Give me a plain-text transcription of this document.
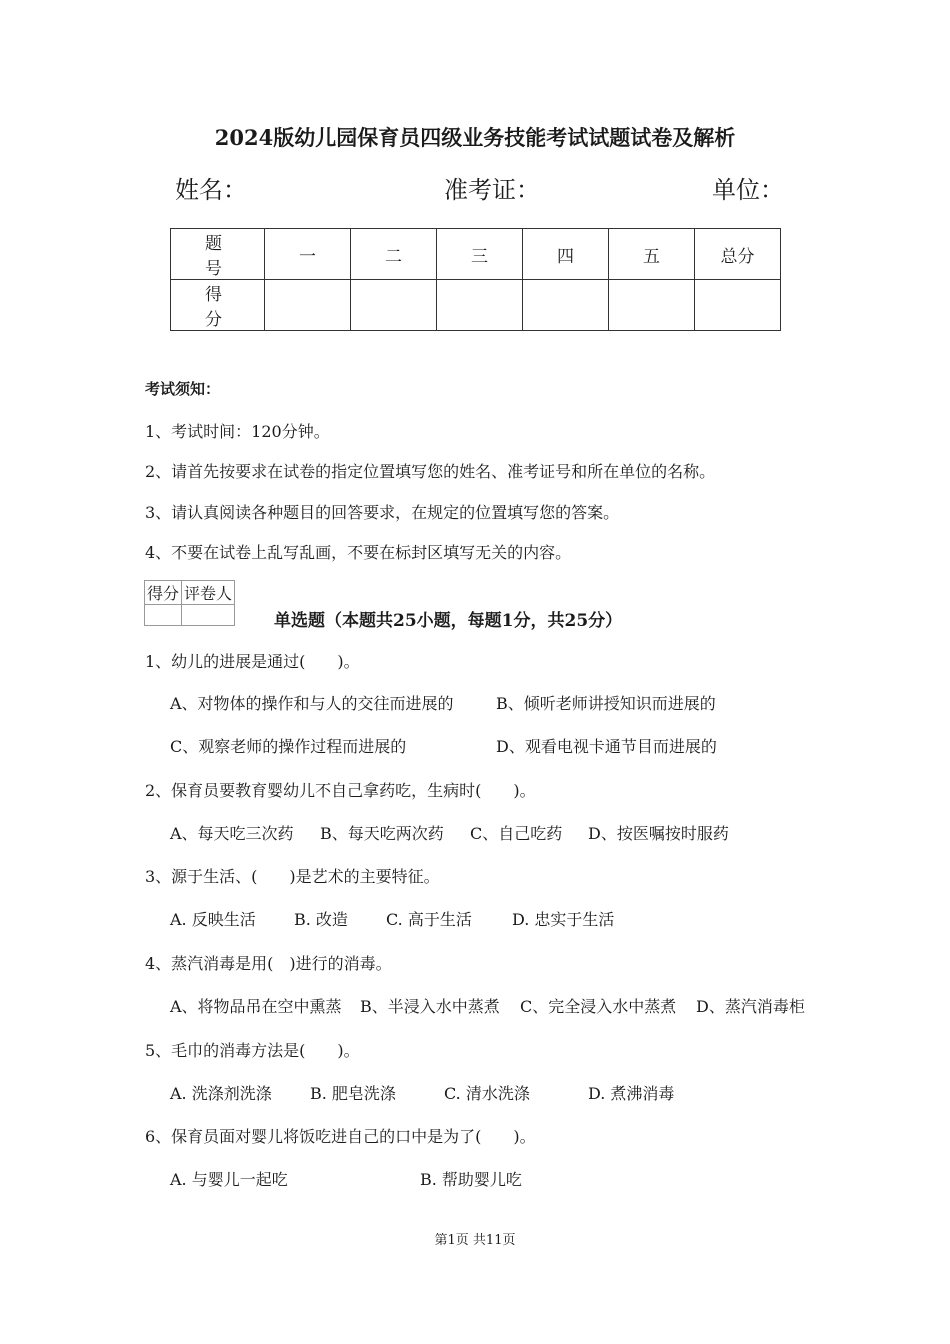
2024版幼儿园保育员四级业务技能考试试题试卷及解析
姓名：	准考证：	单位：
题　号	一	二	三	四	五	总分
得　分						
考试须知：
1、考试时间：120分钟。
2、请首先按要求在试卷的指定位置填写您的姓名、准考证号和所在单位的名称。
3、请认真阅读各种题目的回答要求，在规定的位置填写您的答案。
4、不要在试卷上乱写乱画，不要在标封区填写无关的内容。
得分	评卷人

单选题（本题共25小题，每题1分，共25分）
1、幼儿的进展是通过(　　)。
A、对物体的操作和与人的交往而进展的	B、倾听老师讲授知识而进展的
C、观察老师的操作过程而进展的	D、观看电视卡通节目而进展的
2、保育员要教育婴幼儿不自己拿药吃，生病时(　　)。
A、每天吃三次药 B、每天吃两次药 C、自己吃药 D、按医嘱按时服药
3、源于生活、(　　)是艺术的主要特征。
A. 反映生活 B. 改造 C. 高于生活	D. 忠实于生活
4、蒸汽消毒是用(　)进行的消毒。
A、将物品吊在空中熏蒸 B、半浸入水中蒸煮 C、完全浸入水中蒸煮 D、蒸汽消毒柜
5、毛巾的消毒方法是(　　)。
A. 洗涤剂洗涤 B. 肥皂洗涤	C. 清水洗涤	D. 煮沸消毒
6、保育员面对婴儿将饭吃进自己的口中是为了(　　)。
A. 与婴儿一起吃	B. 帮助婴儿吃
第1页 共11页
